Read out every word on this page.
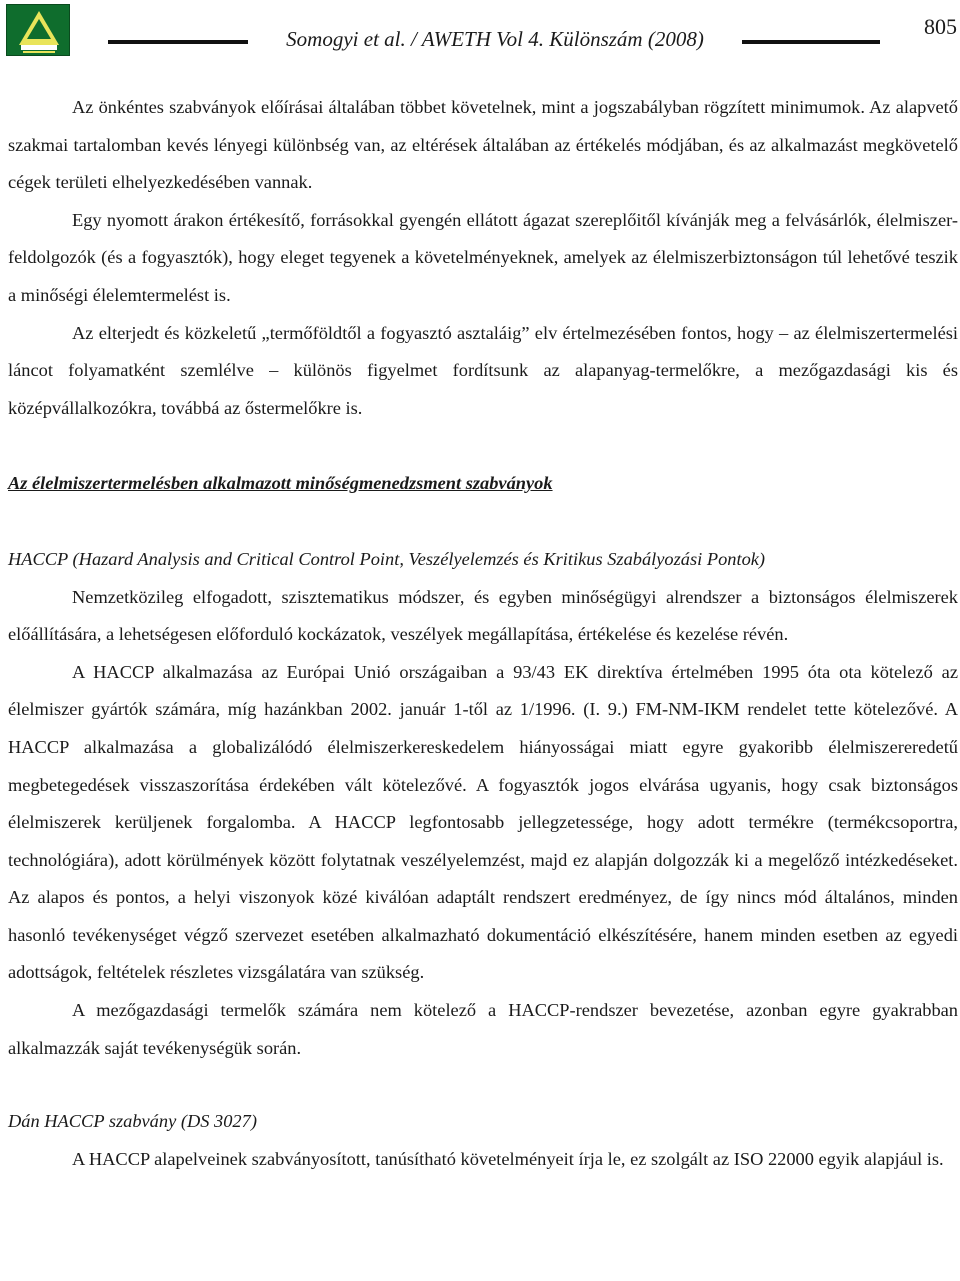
Somogyi et al. / AWETH Vol 4. Különszám (2008)	805

Az önkéntes szabványok előírásai általában többet követelnek, mint a jogszabályban rögzített minimumok. Az alapvető szakmai tartalomban kevés lényegi különbség van, az eltérések általában az értékelés módjában, és az alkalmazást megkövetelő cégek területi elhelyezkedésében vannak.

Egy nyomott árakon értékesítő, forrásokkal gyengén ellátott ágazat szereplőitől kívánják meg a felvásárlók, élelmiszer-feldolgozók (és a fogyasztók), hogy eleget tegyenek a követelményeknek, amelyek az élelmiszerbiztonságon túl lehetővé teszik a minőségi élelemtermelést is.

Az elterjedt és közkeletű „termőföldtől a fogyasztó asztaláig” elv értelmezésében fontos, hogy – az élelmiszertermelési láncot folyamatként szemlélve – különös figyelmet fordítsunk az alapanyag-termelőkre, a mezőgazdasági kis és középvállalkozókra, továbbá az őstermelőkre is.

Az élelmiszertermelésben alkalmazott minőségmenedzsment szabványok
HACCP (Hazard Analysis and Critical Control Point, Veszélyelemzés és Kritikus Szabályozási Pontok)

Nemzetközileg elfogadott, szisztematikus módszer, és egyben minőségügyi alrendszer a biztonságos élelmiszerek előállítására, a lehetségesen előforduló kockázatok, veszélyek megállapítása, értékelése és kezelése révén.

A HACCP alkalmazása az Európai Unió országaiban a 93/43 EK direktíva értelmében 1995 óta ota kötelező az élelmiszer gyártók számára, míg hazánkban 2002. január 1-től az 1/1996. (I. 9.) FM-NM-IKM rendelet tette kötelezővé. A HACCP alkalmazása a globalizálódó élelmiszerkereskedelem hiányosságai miatt egyre gyakoribb élelmiszereredetű megbetegedések visszaszorítása érdekében vált kötelezővé. A fogyasztók jogos elvárása ugyanis, hogy csak biztonságos élelmiszerek kerüljenek forgalomba. A HACCP legfontosabb jellegzetessége, hogy adott termékre (termékcsoportra, technológiára), adott körülmények között folytatnak veszélyelemzést, majd ez alapján dolgozzák ki a megelőző intézkedéseket. Az alapos és pontos, a helyi viszonyok közé kiválóan adaptált rendszert eredményez, de így nincs mód általános, minden hasonló tevékenységet végző szervezet esetében alkalmazható dokumentáció elkészítésére, hanem minden esetben az egyedi adottságok, feltételek részletes vizsgálatára van szükség.

A mezőgazdasági termelők számára nem kötelező a HACCP-rendszer bevezetése, azonban egyre gyakrabban alkalmazzák saját tevékenységük során.

Dán HACCP szabvány (DS 3027)

A HACCP alapelveinek szabványosított, tanúsítható követelményeit írja le, ez szolgált az ISO 22000 egyik alapjául is.
